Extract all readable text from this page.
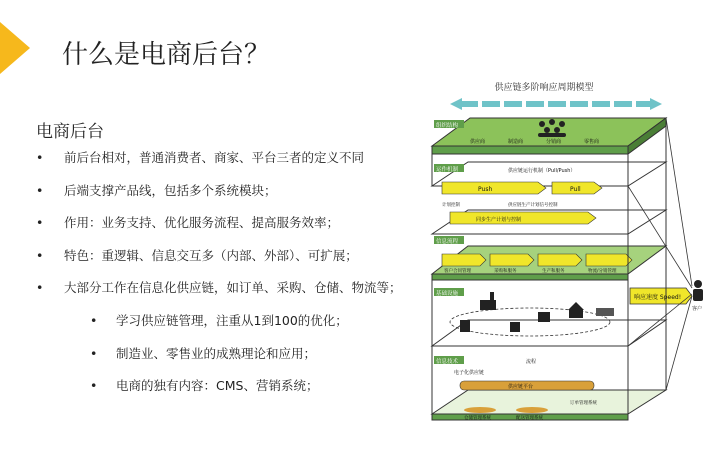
什么是电商后台？
电商后台
• 前后台相对，普通消费者、商家、平台三者的定义不同
• 后端支撑产品线，包括多个系统模块；
• 作用：业务支持、优化服务流程、提高服务效率；
• 特色：重逻辑、信息交互多（内部、外部）、可扩展；
• 大部分工作在信息化供应链，如订单、采购、仓储、物流等；
• 学习供应链管理，注重从1到100的优化；
• 制造业、零售业的成熟理论和应用；
• 电商的独有内容：CMS、营销系统；
供应链多阶响应周期模型
组织结构
供应商	制造商	分销商	零售商
运作机制	供应链运行机制（Pull/Push）
Push	Pull
计划控制	供应链生产计划信号控制
同步生产计划与控制
信息流程
客户合同管理	采购和服务	生产和服务	物流/分销管理
基础设施	响应速度 Speed!
信息技术	流程
电子化供应链
供应链平台
订单管理系统
仓储管理系统	配送管理系统
客户
